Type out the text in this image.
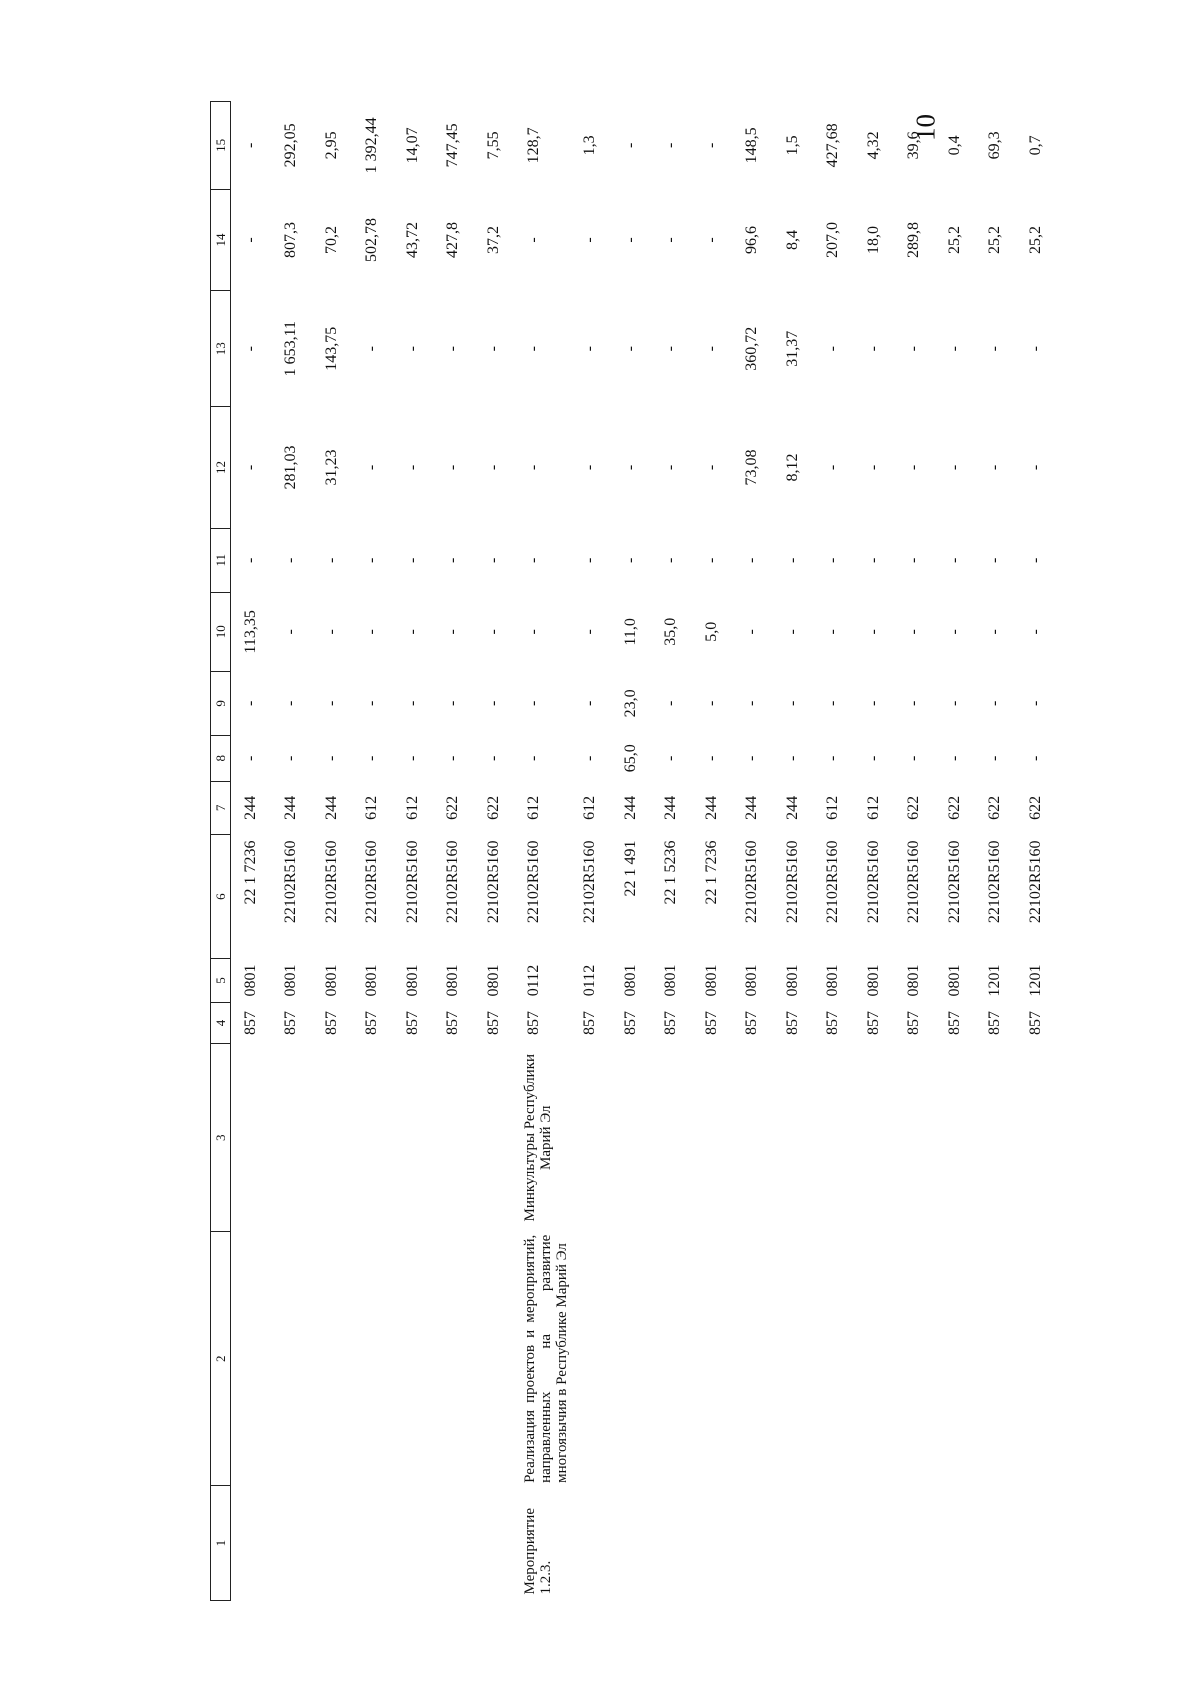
10
1	2	3	4	5	6	7	8	9	10	11	12	13	14	15
			857	0801	22 1 7236	244	-	-	113,35	-	-	-	-	-
			857	0801	22102R5160	244	-	-	-	-	281,03	1 653,11	807,3	292,05
			857	0801	22102R5160	244	-	-	-	-	31,23	143,75	70,2	2,95
			857	0801	22102R5160	612	-	-	-	-	-	-	502,78	1 392,44
			857	0801	22102R5160	612	-	-	-	-	-	-	43,72	14,07
			857	0801	22102R5160	622	-	-	-	-	-	-	427,8	747,45
			857	0801	22102R5160	622	-	-	-	-	-	-	37,2	7,55
Мероприятие 1.2.3.	Реализация проектов и мероприятий, направленных на развитие многоязычия в Республике Марий Эл	Минкультуры Республики Марий Эл	857	0112	22102R5160	612	-	-	-	-	-	-	-	128,7
			857	0112	22102R5160	612	-	-	-	-	-	-	-	1,3
			857	0801	22 1 491	244	65,0	23,0	11,0	-	-	-	-	-
			857	0801	22 1 5236	244	-	-	35,0	-	-	-	-	-
			857	0801	22 1 7236	244	-	-	5,0	-	-	-	-	-
			857	0801	22102R5160	244	-	-	-	-	73,08	360,72	96,6	148,5
			857	0801	22102R5160	244	-	-	-	-	8,12	31,37	8,4	1,5
			857	0801	22102R5160	612	-	-	-	-	-	-	207,0	427,68
			857	0801	22102R5160	612	-	-	-	-	-	-	18,0	4,32
			857	0801	22102R5160	622	-	-	-	-	-	-	289,8	39,6
			857	0801	22102R5160	622	-	-	-	-	-	-	25,2	0,4
			857	1201	22102R5160	622	-	-	-	-	-	-	25,2	69,3
			857	1201	22102R5160	622	-	-	-	-	-	-	25,2	0,7
